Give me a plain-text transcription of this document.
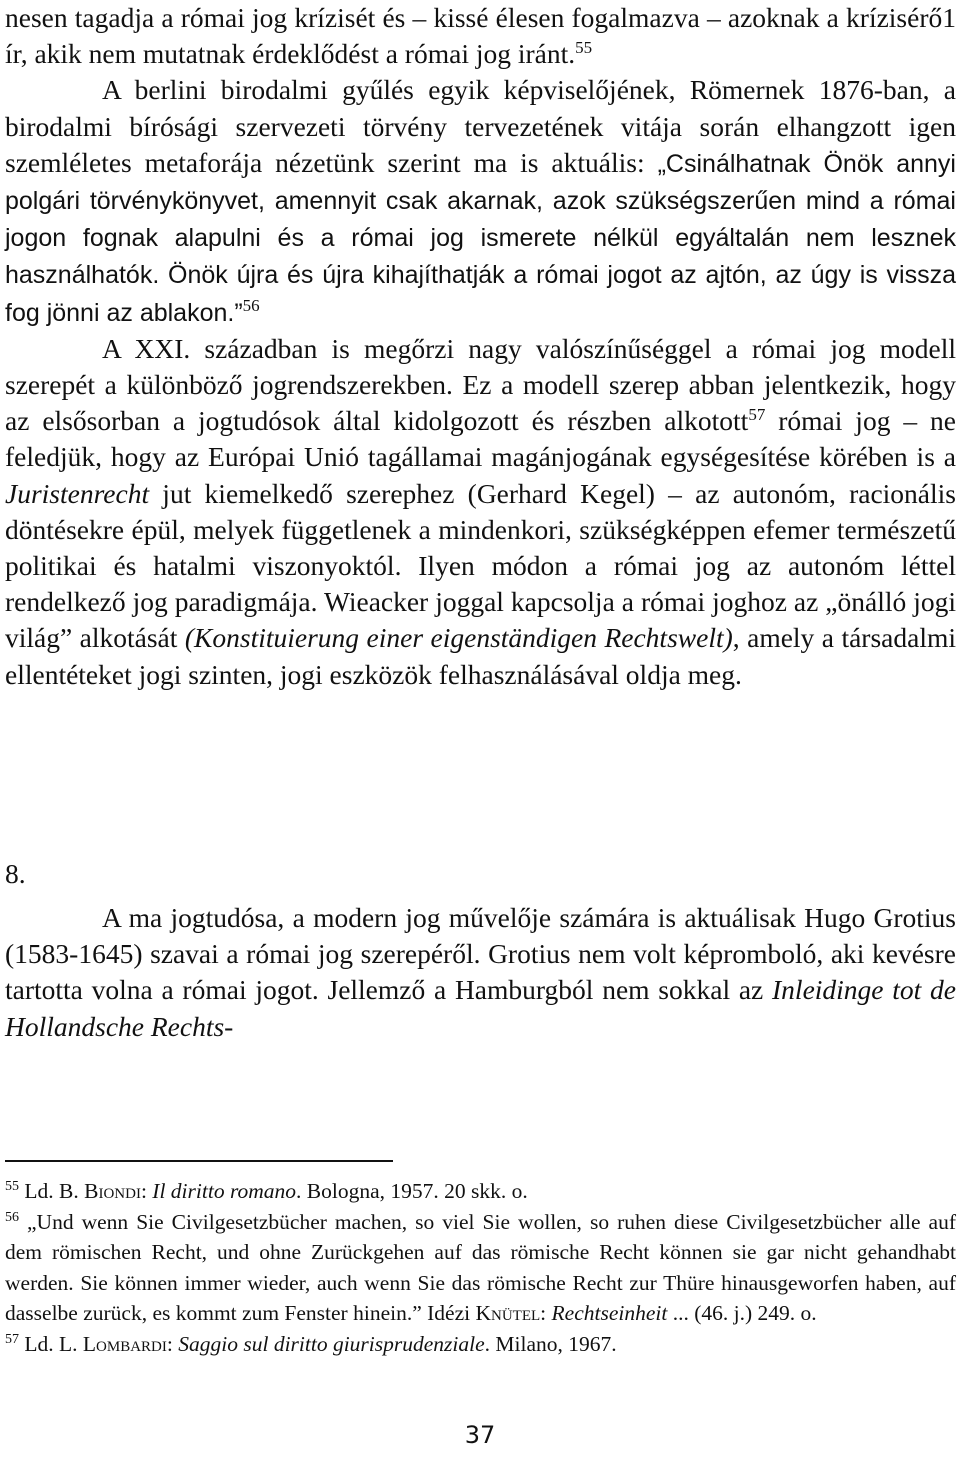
nesen tagadja a római jog krízisét és – kissé élesen fogalmazva – azoknak a krízisérő1 ír, akik nem mutatnak érdeklődést a római jog iránt.$^{55}$

A berlini birodalmi gyűlés egyik képviselőjének, Römernek 1876-ban, a birodalmi bírósági szervezeti törvény tervezetének vitája során elhangzott igen szemléletes metaforája nézetünk szerint ma is aktuális: „Csinálhatnak Önök annyi polgári törvénykönyvet, amennyit csak akarnak, azok szükségszerűen mind a római jogon fognak alapulni és a római jog ismerete nélkül egyáltalán nem lesznek használhatók. Önök újra és újra kihajíthatják a római jogot az ajtón, az úgy is vissza fog jönni az ablakon.”$^{56}$

A XXI. században is megőrzi nagy valószínűséggel a római jog modell szerepét a különböző jogrendszerekben. Ez a modell szerep abban jelentkezik, hogy az elsősorban a jogtudósok által kidolgozott és részben alkotott$^{57}$ római jog – ne feledjük, hogy az Európai Unió tagállamai magánjogának egységesítése körében is a Juristenrecht jut kiemelkedő szerephez (Gerhard Kegel) – az autonóm, racionális döntésekre épül, melyek függetlenek a mindenkori, szükségképpen efemer természetű politikai és hatalmi viszonyoktól. Ilyen módon a római jog az autonóm léttel rendelkező jog paradigmája. Wieacker joggal kapcsolja a római joghoz az „önálló jogi világ” alkotását (Konstituierung einer eigenständigen Rechtswelt), amely a társadalmi ellentéteket jogi szinten, jogi eszközök felhasználásával oldja meg.

8.

A ma jogtudósa, a modern jog művelője számára is aktuálisak Hugo Grotius (1583-1645) szavai a római jog szerepéről. Grotius nem volt képromboló, aki kevésre tartotta volna a római jogot. Jellemző a Hamburgból nem sokkal az Inleidinge tot de Hollandsche Rechts-

$^{55}$ Ld. B. Biondi: Il diritto romano. Bologna, 1957. 20 skk. o.

$^{56}$ „Und wenn Sie Civilgesetzbücher machen, so viel Sie wollen, so ruhen diese Civilgesetzbücher alle auf dem römischen Recht, und ohne Zurückgehen auf das römische Recht können sie gar nicht gehandhabt werden. Sie können immer wieder, auch wenn Sie das römische Recht zur Thüre hinausgeworfen haben, auf dasselbe zurück, es kommt zum Fenster hinein.” Idézi Knütel: Rechtseinheit ... (46. j.) 249. o.

$^{57}$ Ld. L. Lombardi: Saggio sul diritto giurisprudenziale. Milano, 1967.

37
